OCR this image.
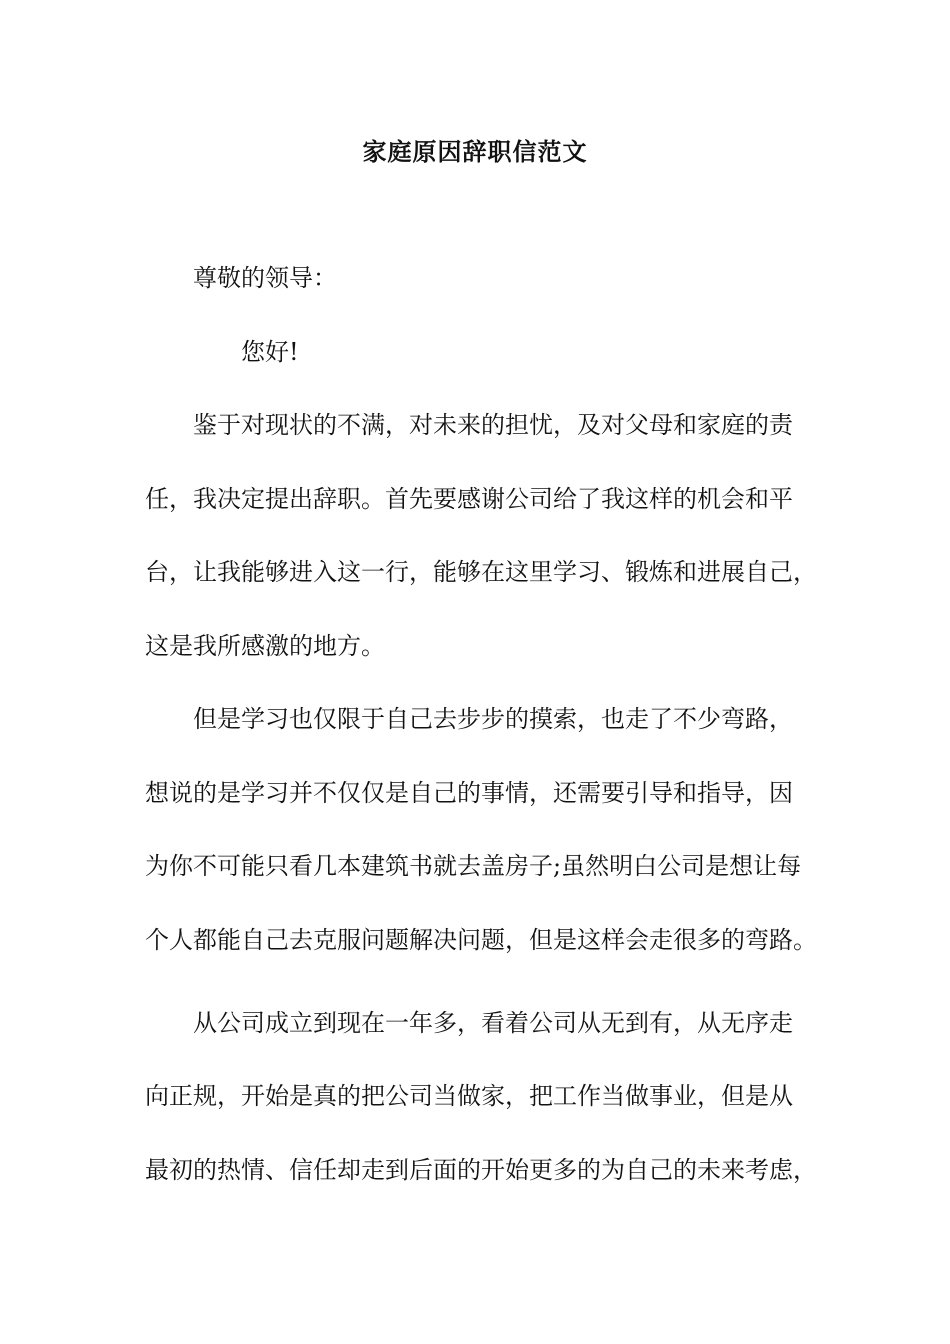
家庭原因辞职信范文
尊敬的领导：
您好!
鉴于对现状的不满，对未来的担忧，及对父母和家庭的责
任，我决定提出辞职。首先要感谢公司给了我这样的机会和平
台，让我能够进入这一行，能够在这里学习、锻炼和进展自己，
这是我所感激的地方。
但是学习也仅限于自己去步步的摸索，也走了不少弯路，
想说的是学习并不仅仅是自己的事情，还需要引导和指导，因
为你不可能只看几本建筑书就去盖房子;虽然明白公司是想让每
个人都能自己去克服问题解决问题，但是这样会走很多的弯路。
从公司成立到现在一年多，看着公司从无到有，从无序走
向正规，开始是真的把公司当做家，把工作当做事业，但是从
最初的热情、信任却走到后面的开始更多的为自己的未来考虑，
